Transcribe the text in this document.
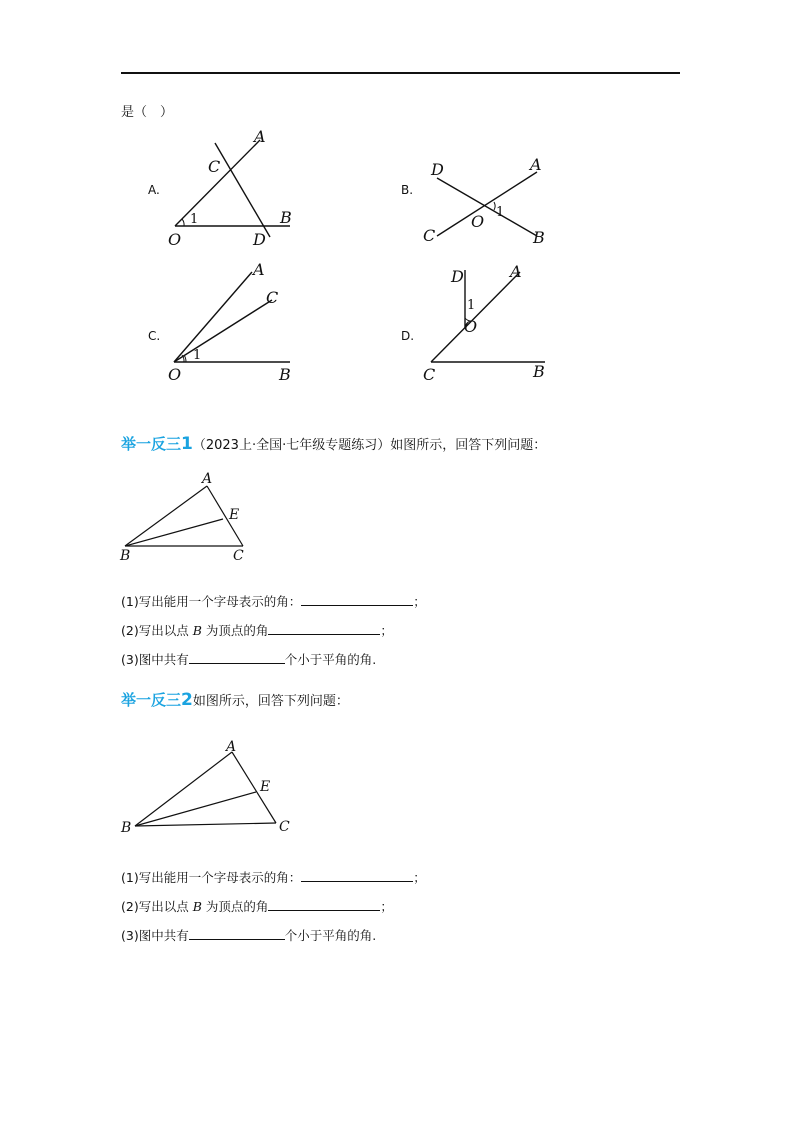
是（　）
A.
A
C
1	B
O	D
B.
D	A
O 1
C	B
C.
A
C
1
O	B
D.
D	A
1
O
C	B
举一反三1（2023上·全国·七年级专题练习）如图所示，回答下列问题：
A
E
B	C
(1)写出能用一个字母表示的角：	；
(2)写出以点 B 为顶点的角	；
(3)图中共有	个小于平角的角.
举一反三2如图所示，回答下列问题：
A
E
B	C
(1)写出能用一个字母表示的角：	；
(2)写出以点 B 为顶点的角	；
(3)图中共有	个小于平角的角.
